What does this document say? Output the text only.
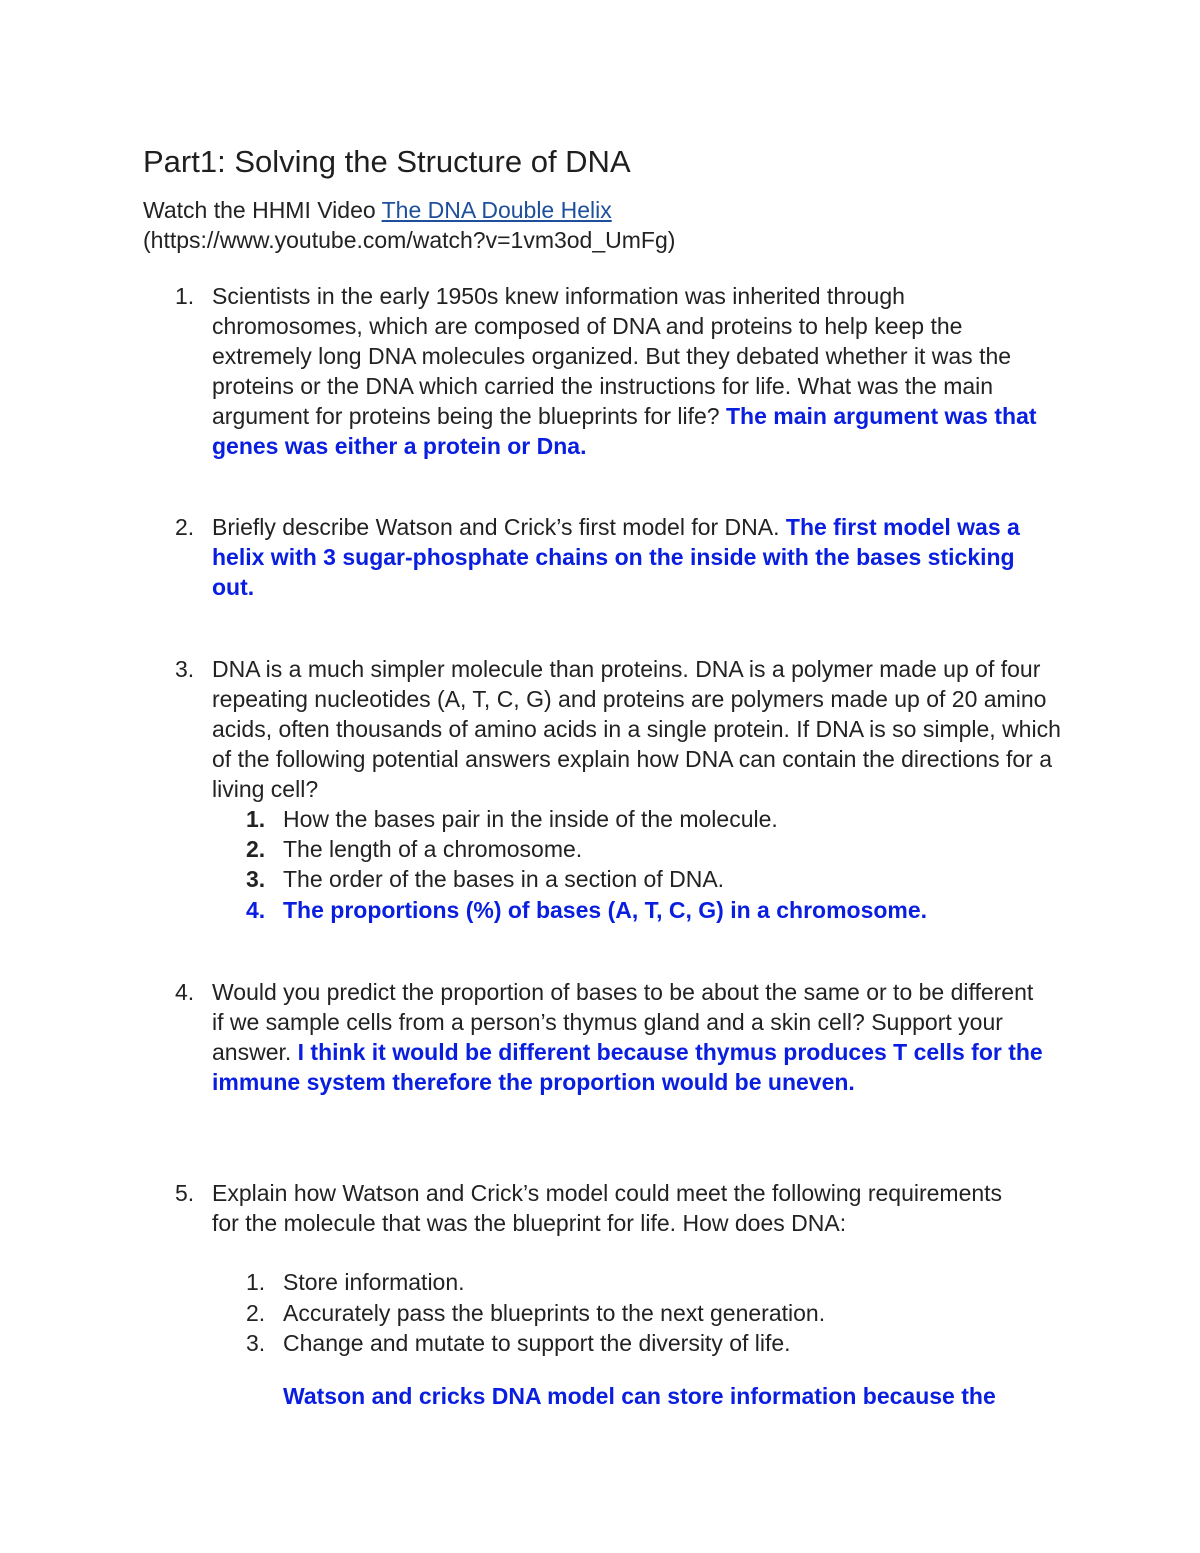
Part1: Solving the Structure of DNA
Watch the HHMI Video The DNA Double Helix
(https://www.youtube.com/watch?v=1vm3od_UmFg)
1. Scientists in the early 1950s knew information was inherited through chromosomes, which are composed of DNA and proteins to help keep the extremely long DNA molecules organized. But they debated whether it was the proteins or the DNA which carried the instructions for life. What was the main argument for proteins being the blueprints for life? The main argument was that genes was either a protein or Dna.
2. Briefly describe Watson and Crick’s first model for DNA. The first model was a helix with 3 sugar-phosphate chains on the inside with the bases sticking out.
3. DNA is a much simpler molecule than proteins. DNA is a polymer made up of four repeating nucleotides (A, T, C, G) and proteins are polymers made up of 20 amino acids, often thousands of amino acids in a single protein. If DNA is so simple, which of the following potential answers explain how DNA can contain the directions for a living cell?
1. How the bases pair in the inside of the molecule.
2. The length of a chromosome.
3. The order of the bases in a section of DNA.
4. The proportions (%) of bases (A, T, C, G) in a chromosome.
4. Would you predict the proportion of bases to be about the same or to be different if we sample cells from a person’s thymus gland and a skin cell? Support your answer. I think it would be different because thymus produces T cells for the immune system therefore the proportion would be uneven.
5. Explain how Watson and Crick’s model could meet the following requirements for the molecule that was the blueprint for life. How does DNA:
1. Store information.
2. Accurately pass the blueprints to the next generation.
3. Change and mutate to support the diversity of life.
Watson and cricks DNA model can store information because the
